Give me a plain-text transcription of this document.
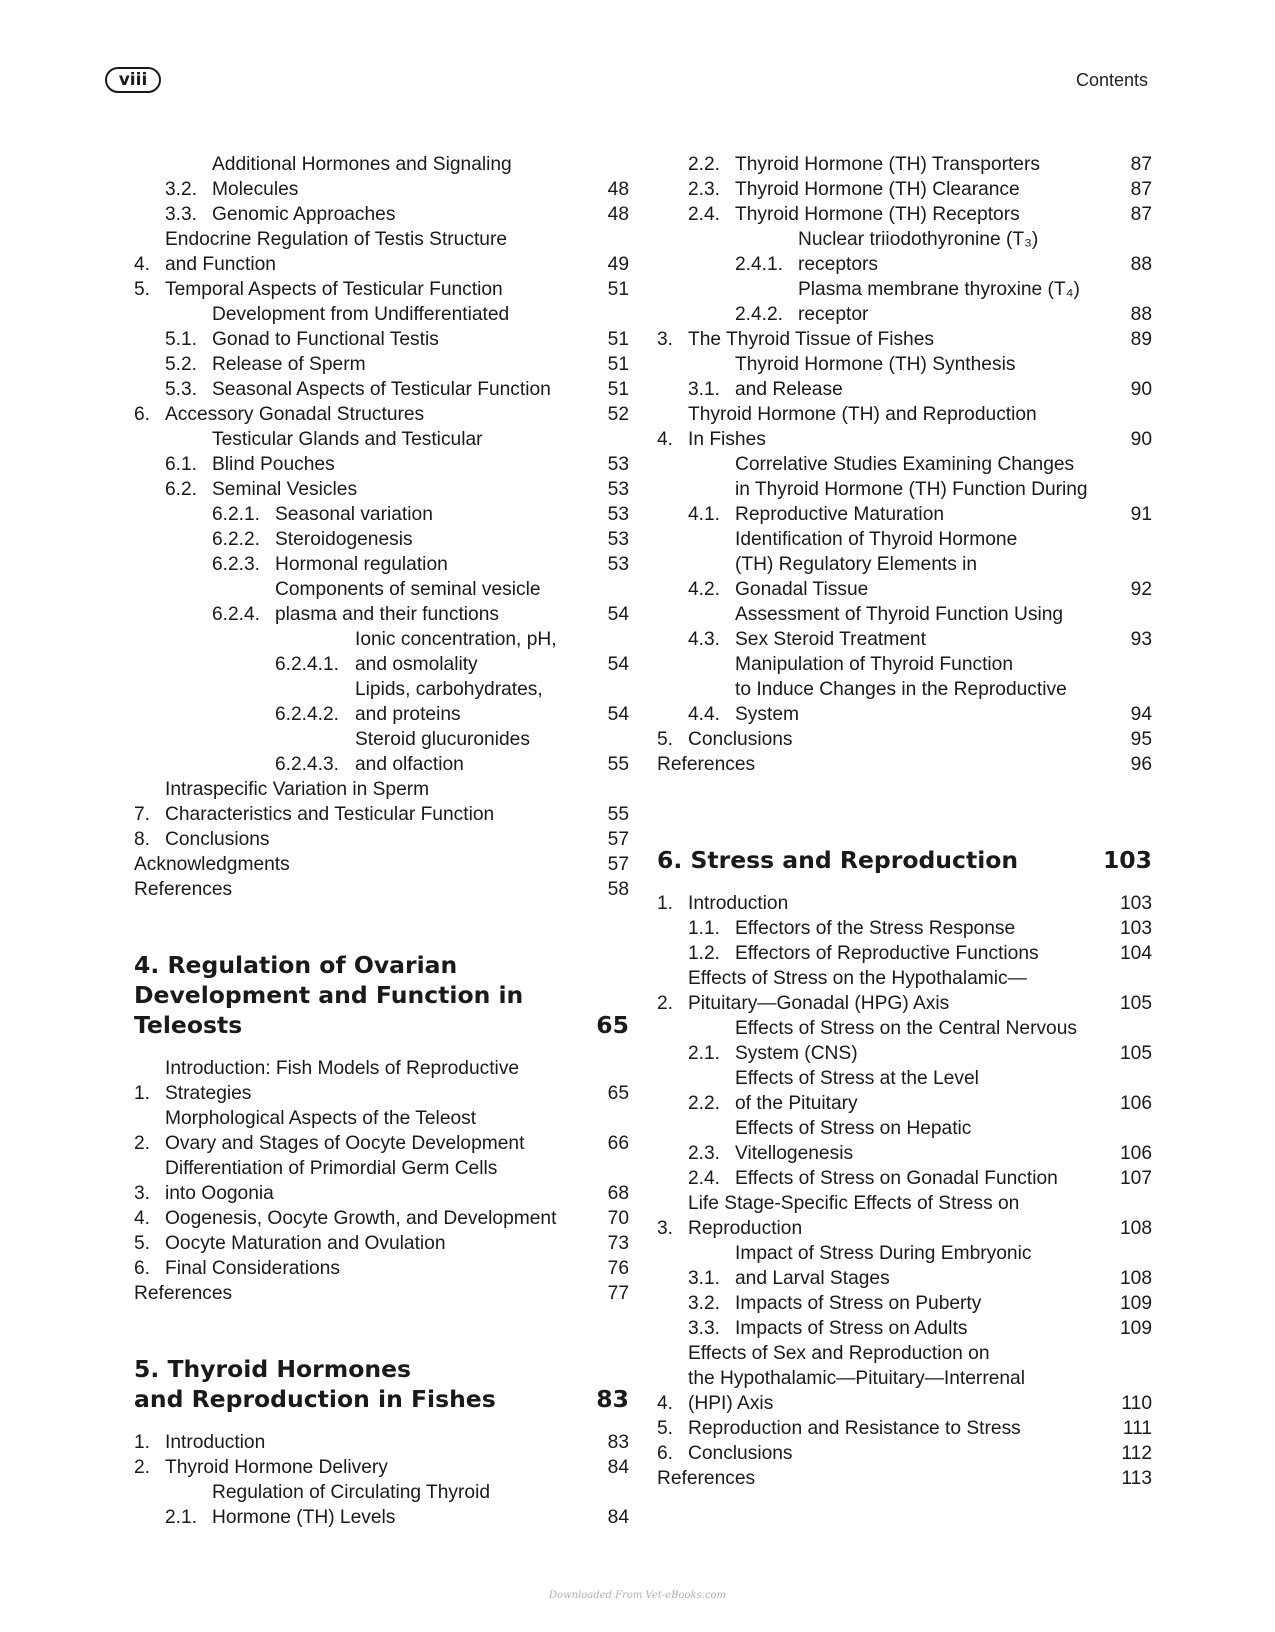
viii	Contents
3.2.
Additional Hormones and Signaling
Molecules	48
3.3. Genomic Approaches	48
4.
Endocrine Regulation of Testis Structure
and Function	49
5. Temporal Aspects of Testicular Function	51
5.1.
Development from Undifferentiated
Gonad to Functional Testis	51
5.2. Release of Sperm	51
5.3. Seasonal Aspects of Testicular Function	51
6. Accessory Gonadal Structures	52
6.1.
Testicular Glands and Testicular
Blind Pouches	53
6.2. Seminal Vesicles	53
6.2.1. Seasonal variation	53
6.2.2. Steroidogenesis	53
6.2.3. Hormonal regulation	53
6.2.4.
Components of seminal vesicle
plasma and their functions	54
6.2.4.1.
Ionic concentration, pH,
and osmolality	54
6.2.4.2.
Lipids, carbohydrates,
and proteins	54
6.2.4.3.
Steroid glucuronides
and olfaction	55
7.
Intraspecific Variation in Sperm
Characteristics and Testicular Function	55
8. Conclusions	57
Acknowledgments	57
References	58
4. Regulation of Ovarian
Development and Function in Teleosts	65
1.
Introduction: Fish Models of Reproductive
Strategies	65
2.
Morphological Aspects of the Teleost
Ovary and Stages of Oocyte Development	66
3.
Differentiation of Primordial Germ Cells
into Oogonia	68
4. Oogenesis, Oocyte Growth, and Development	70
5. Oocyte Maturation and Ovulation	73
6. Final Considerations	76
References	77
5. Thyroid Hormones
and Reproduction in Fishes	83
1. Introduction	83
2. Thyroid Hormone Delivery	84
2.1.
Regulation of Circulating Thyroid
Hormone (TH) Levels	84
2.2. Thyroid Hormone (TH) Transporters	87
2.3. Thyroid Hormone (TH) Clearance	87
2.4. Thyroid Hormone (TH) Receptors	87
2.4.1.
Nuclear triiodothyronine (T₃)
receptors	88
2.4.2.
Plasma membrane thyroxine (T₄)
receptor	88
3. The Thyroid Tissue of Fishes	89
3.1.
Thyroid Hormone (TH) Synthesis
and Release	90
4.
Thyroid Hormone (TH) and Reproduction
In Fishes	90
4.1.
Correlative Studies Examining Changes
in Thyroid Hormone (TH) Function During
Reproductive Maturation	91
4.2.
Identification of Thyroid Hormone
(TH) Regulatory Elements in
Gonadal Tissue	92
4.3.
Assessment of Thyroid Function Using
Sex Steroid Treatment	93
4.4.
Manipulation of Thyroid Function
to Induce Changes in the Reproductive
System	94
5. Conclusions	95
References	96
6. Stress and Reproduction	103
1. Introduction	103
1.1. Effectors of the Stress Response	103
1.2. Effectors of Reproductive Functions	104
2.
Effects of Stress on the Hypothalamic—
Pituitary—Gonadal (HPG) Axis	105
2.1.
Effects of Stress on the Central Nervous
System (CNS)	105
2.2.
Effects of Stress at the Level
of the Pituitary	106
2.3.
Effects of Stress on Hepatic
Vitellogenesis	106
2.4. Effects of Stress on Gonadal Function	107
3.
Life Stage-Specific Effects of Stress on
Reproduction	108
3.1.
Impact of Stress During Embryonic
and Larval Stages	108
3.2. Impacts of Stress on Puberty	109
3.3. Impacts of Stress on Adults	109
4.
Effects of Sex and Reproduction on
the Hypothalamic—Pituitary—Interrenal
(HPI) Axis	110
5. Reproduction and Resistance to Stress	111
6. Conclusions	112
References	113
Downloaded From Vet-eBooks.com
